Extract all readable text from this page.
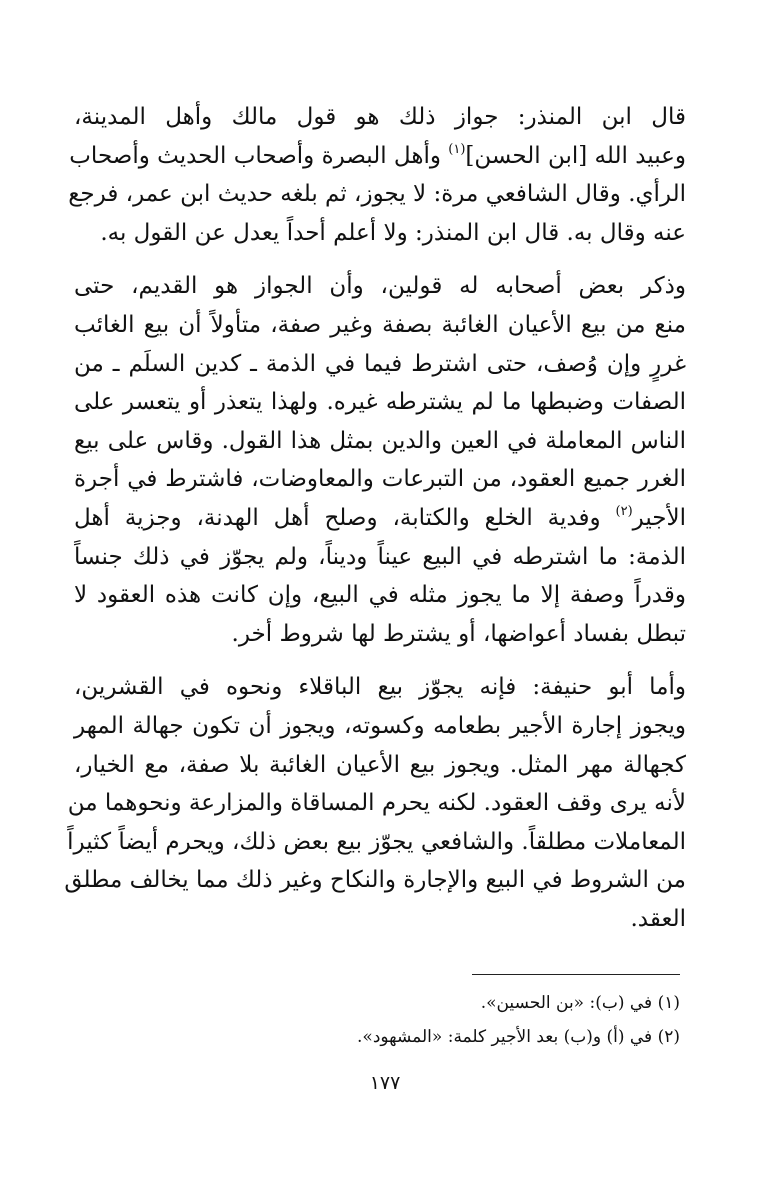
قال ابن المنذر: جواز ذلك هو قول مالك وأهل المدينة،
وعبيد الله [ابن الحسن]$^{(١)}$ وأهل البصرة وأصحاب الحديث وأصحاب
الرأي. وقال الشافعي مرة: لا يجوز، ثم بلغه حديث ابن عمر، فرجع
عنه وقال به. قال ابن المنذر: ولا أعلم أحداً يعدل عن القول به.

وذكر بعض أصحابه له قولين، وأن الجواز هو القديم، حتى
منع من بيع الأعيان الغائبة بصفة وغير صفة، متأولاً أن بيع الغائب
غررٍ وإن وُصف، حتى اشترط فيما في الذمة ـ كدين السلَم ـ من
الصفات وضبطها ما لم يشترطه غيره. ولهذا يتعذر أو يتعسر على
الناس المعاملة في العين والدين بمثل هذا القول. وقاس على بيع
الغرر جميع العقود، من التبرعات والمعاوضات، فاشترط في أجرة
الأجير$^{(٢)}$ وفدية الخلع والكتابة، وصلح أهل الهدنة، وجزية أهل
الذمة: ما اشترطه في البيع عيناً وديناً، ولم يجوّز في ذلك جنساً
وقدراً وصفة إلا ما يجوز مثله في البيع، وإن كانت هذه العقود لا
تبطل بفساد أعواضها، أو يشترط لها شروط أخر.

وأما أبو حنيفة: فإنه يجوّز بيع الباقلاء ونحوه في القشرين،
ويجوز إجارة الأجير بطعامه وكسوته، ويجوز أن تكون جهالة المهر
كجهالة مهر المثل. ويجوز بيع الأعيان الغائبة بلا صفة، مع الخيار،
لأنه يرى وقف العقود. لكنه يحرم المساقاة والمزارعة ونحوهما من
المعاملات مطلقاً. والشافعي يجوّز بيع بعض ذلك، ويحرم أيضاً كثيراً
من الشروط في البيع والإجارة والنكاح وغير ذلك مما يخالف مطلق
العقد.

(١) في (ب): «بن الحسين».
(٢) في (أ) و(ب) بعد الأجير كلمة: «المشهود».
١٧٧
